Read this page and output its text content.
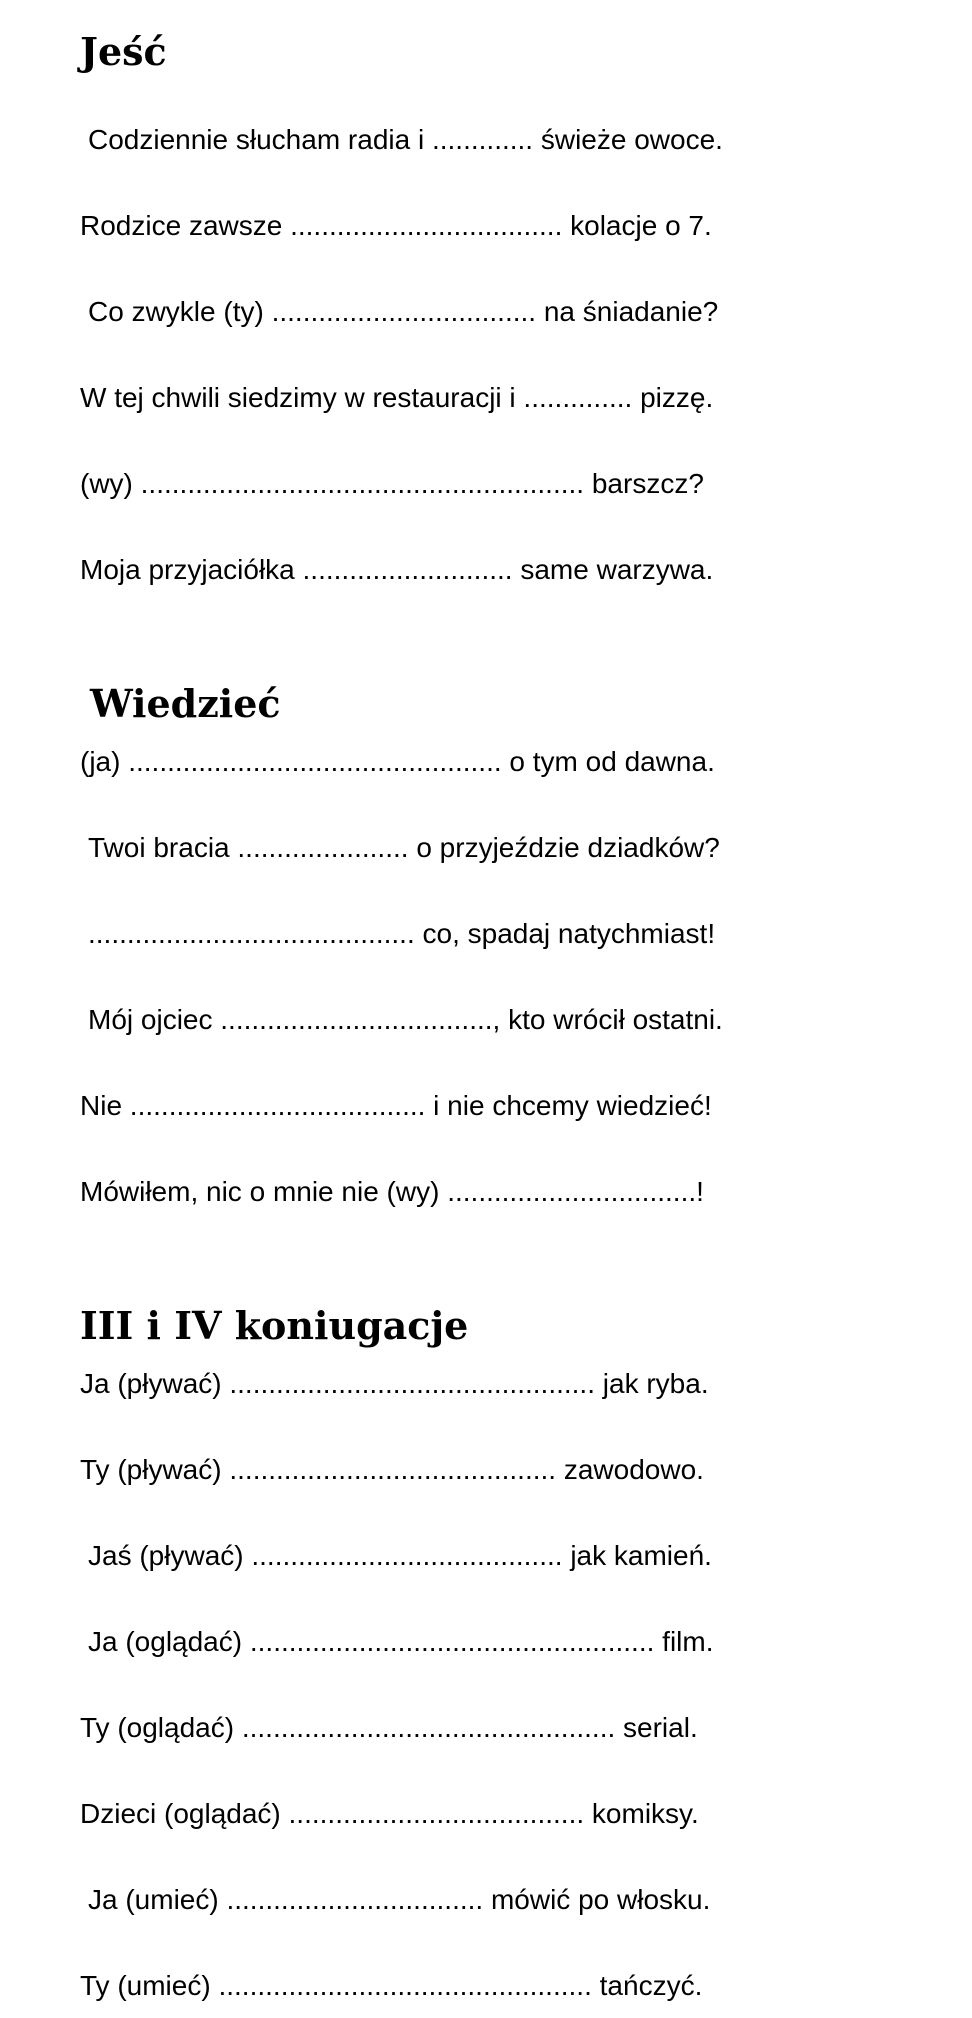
Jeść

Codziennie słucham radia i ............. świeże owoce.

Rodzice zawsze ................................... kolacje o 7.

Co zwykle (ty) .................................. na śniadanie?

W tej chwili siedzimy w restauracji i .............. pizzę.

(wy) ......................................................... barszcz?

Moja przyjaciółka ........................... same warzywa.

Wiedzieć

(ja) ................................................ o tym od dawna.

Twoi bracia ...................... o przyjeździe dziadków?

.......................................... co, spadaj natychmiast!

Mój ojciec ..................................., kto wrócił ostatni.

Nie ...................................... i nie chcemy wiedzieć!

Mówiłem, nic o mnie nie (wy) ................................!

III i IV koniugacje

Ja (pływać) ............................................... jak ryba.

Ty (pływać) .......................................... zawodowo.

Jaś (pływać) ........................................ jak kamień.

Ja (oglądać) .................................................... film.

Ty (oglądać) ................................................ serial.

Dzieci (oglądać) ...................................... komiksy.

Ja (umieć) ................................. mówić po włosku.

Ty (umieć) ................................................ tańczyć.
